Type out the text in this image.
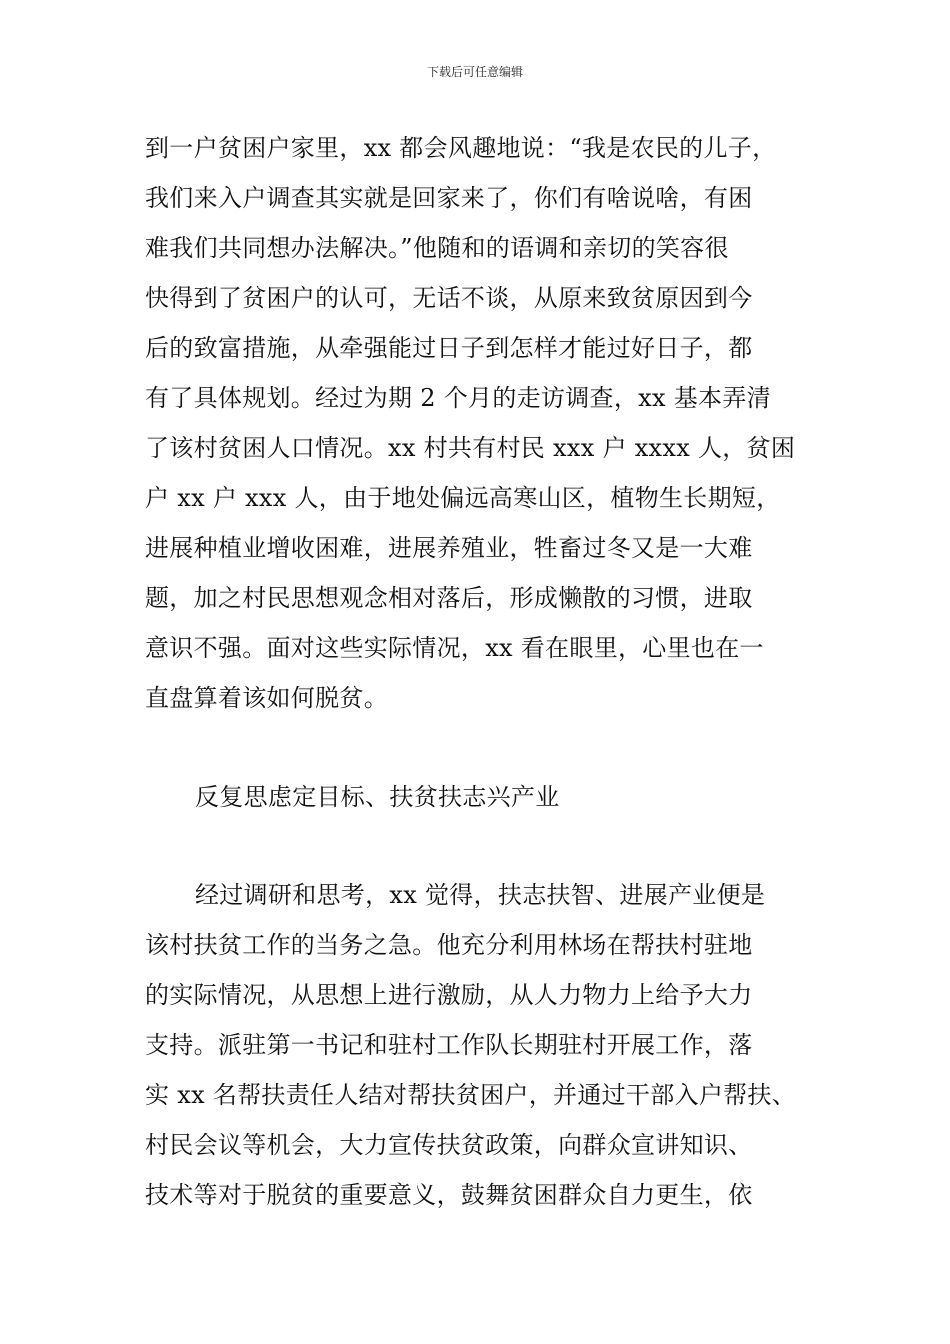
下载后可任意编辑
到一户贫困户家里，xx 都会风趣地说：“我是农民的儿子，
我们来入户调查其实就是回家来了，你们有啥说啥，有困
难我们共同想办法解决。”他随和的语调和亲切的笑容很
快得到了贫困户的认可，无话不谈，从原来致贫原因到今
后的致富措施，从牵强能过日子到怎样才能过好日子，都
有了具体规划。经过为期 2 个月的走访调查，xx 基本弄清
了该村贫困人口情况。xx 村共有村民 xxx 户 xxxx 人，贫困
户 xx 户 xxx 人，由于地处偏远高寒山区，植物生长期短，
进展种植业增收困难，进展养殖业，牲畜过冬又是一大难
题，加之村民思想观念相对落后，形成懒散的习惯，进取
意识不强。面对这些实际情况，xx 看在眼里，心里也在一
直盘算着该如何脱贫。
反复思虑定目标、扶贫扶志兴产业
经过调研和思考，xx 觉得，扶志扶智、进展产业便是
该村扶贫工作的当务之急。他充分利用林场在帮扶村驻地
的实际情况，从思想上进行激励，从人力物力上给予大力
支持。派驻第一书记和驻村工作队长期驻村开展工作，落
实 xx 名帮扶责任人结对帮扶贫困户，并通过干部入户帮扶、
村民会议等机会，大力宣传扶贫政策，向群众宣讲知识、
技术等对于脱贫的重要意义，鼓舞贫困群众自力更生，依
